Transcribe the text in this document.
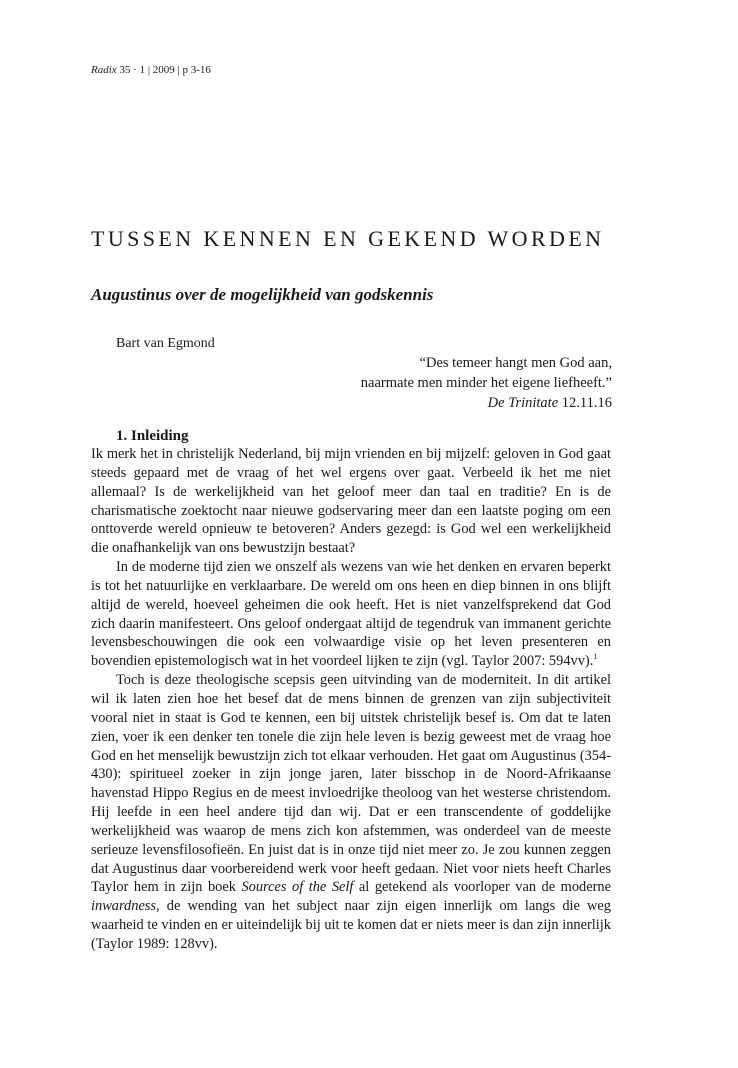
Radix 35 · 1 | 2009 | p 3-16
TUSSEN KENNEN EN GEKEND WORDEN
Augustinus over de mogelijkheid van godskennis
Bart van Egmond
“Des temeer hangt men God aan,
naarmate men minder het eigene liefheeft.”
De Trinitate 12.11.16
1. Inleiding

Ik merk het in christelijk Nederland, bij mijn vrienden en bij mijzelf: geloven in God gaat steeds gepaard met de vraag of het wel ergens over gaat. Verbeeld ik het me niet allemaal? Is de werkelijkheid van het geloof meer dan taal en traditie? En is de charismatische zoektocht naar nieuwe godservaring meer dan een laatste poging om een onttoverde wereld opnieuw te betoveren? Anders gezegd: is God wel een werkelijkheid die onafhankelijk van ons bewustzijn bestaat?

In de moderne tijd zien we onszelf als wezens van wie het denken en ervaren beperkt is tot het natuurlijke en verklaarbare. De wereld om ons heen en diep binnen in ons blijft altijd de wereld, hoeveel geheimen die ook heeft. Het is niet vanzelfsprekend dat God zich daarin manifesteert. Ons geloof ondergaat altijd de tegendruk van immanent gerichte levensbeschouwingen die ook een volwaardige visie op het leven presenteren en bovendien epistemologisch wat in het voordeel lijken te zijn (vgl. Taylor 2007: 594vv).$^1$

Toch is deze theologische scepsis geen uitvinding van de moderniteit. In dit artikel wil ik laten zien hoe het besef dat de mens binnen de grenzen van zijn subjectiviteit vooral niet in staat is God te kennen, een bij uitstek christelijk besef is. Om dat te laten zien, voer ik een denker ten tonele die zijn hele leven is bezig geweest met de vraag hoe God en het menselijk bewustzijn zich tot elkaar verhouden. Het gaat om Augustinus (354-430): spiritueel zoeker in zijn jonge jaren, later bisschop in de Noord-Afrikaanse havenstad Hippo Regius en de meest invloedrijke theoloog van het westerse christendom. Hij leefde in een heel andere tijd dan wij. Dat er een transcendente of goddelijke werkelijkheid was waarop de mens zich kon afstemmen, was onderdeel van de meeste serieuze levensfilosofieën. En juist dat is in onze tijd niet meer zo. Je zou kunnen zeggen dat Augustinus daar voorbereidend werk voor heeft gedaan. Niet voor niets heeft Charles Taylor hem in zijn boek Sources of the Self al getekend als voorloper van de moderne inwardness, de wending van het subject naar zijn eigen innerlijk om langs die weg waarheid te vinden en er uiteindelijk bij uit te komen dat er niets meer is dan zijn innerlijk (Taylor 1989: 128vv).
